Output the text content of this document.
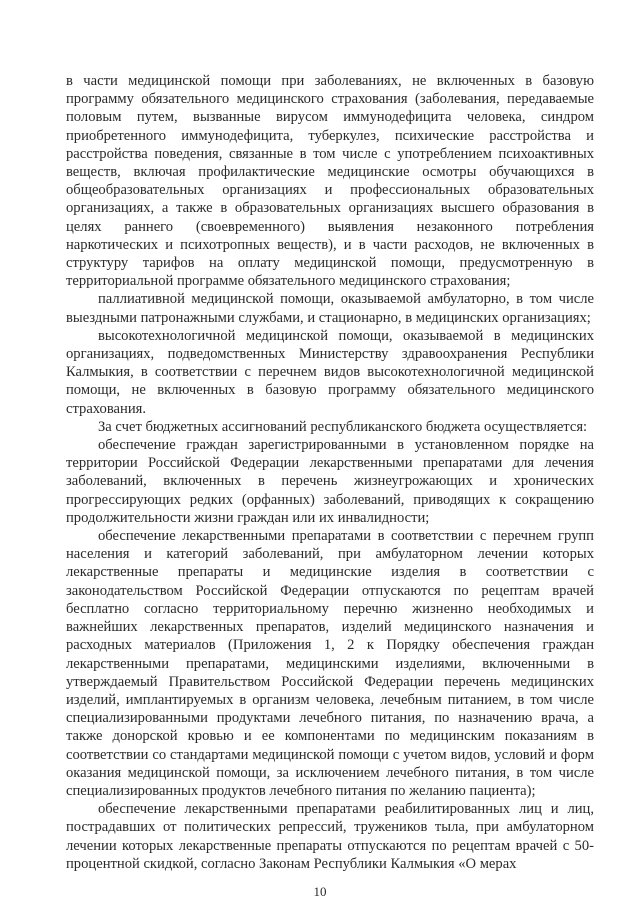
в части медицинской помощи при заболеваниях, не включенных в базовую программу обязательного медицинского страхования (заболевания, передаваемые половым путем, вызванные вирусом иммунодефицита человека, синдром приобретенного иммунодефицита, туберкулез, психические расстройства и расстройства поведения, связанные в том числе с употреблением психоактивных веществ, включая профилактические медицинские осмотры обучающихся в общеобразовательных организациях и профессиональных образовательных организациях, а также в образовательных организациях высшего образования в целях раннего (своевременного) выявления незаконного потребления наркотических и психотропных веществ), и в части расходов, не включенных в структуру тарифов на оплату медицинской помощи, предусмотренную в территориальной программе обязательного медицинского страхования;

паллиативной медицинской помощи, оказываемой амбулаторно, в том числе выездными патронажными службами, и стационарно, в медицинских организациях;

высокотехнологичной медицинской помощи, оказываемой в медицинских организациях, подведомственных Министерству здравоохранения Республики Калмыкия, в соответствии с перечнем видов высокотехнологичной медицинской помощи, не включенных в базовую программу обязательного медицинского страхования.

За счет бюджетных ассигнований республиканского бюджета осуществляется:

обеспечение граждан зарегистрированными в установленном порядке на территории Российской Федерации лекарственными препаратами для лечения заболеваний, включенных в перечень жизнеугрожающих и хронических прогрессирующих редких (орфанных) заболеваний, приводящих к сокращению продолжительности жизни граждан или их инвалидности;

обеспечение лекарственными препаратами в соответствии с перечнем групп населения и категорий заболеваний, при амбулаторном лечении которых лекарственные препараты и медицинские изделия в соответствии с законодательством Российской Федерации отпускаются по рецептам врачей бесплатно согласно территориальному перечню жизненно необходимых и важнейших лекарственных препаратов, изделий медицинского назначения и расходных материалов (Приложения 1, 2 к Порядку обеспечения граждан лекарственными препаратами, медицинскими изделиями, включенными в утверждаемый Правительством Российской Федерации перечень медицинских изделий, имплантируемых в организм человека, лечебным питанием, в том числе специализированными продуктами лечебного питания, по назначению врача, а также донорской кровью и ее компонентами по медицинским показаниям в соответствии со стандартами медицинской помощи с учетом видов, условий и форм оказания медицинской помощи, за исключением лечебного питания, в том числе специализированных продуктов лечебного питания по желанию пациента);

обеспечение лекарственными препаратами реабилитированных лиц и лиц, пострадавших от политических репрессий, тружеников тыла, при амбулаторном лечении которых лекарственные препараты отпускаются по рецептам врачей с 50-процентной скидкой, согласно Законам Республики Калмыкия «О мерах

10
